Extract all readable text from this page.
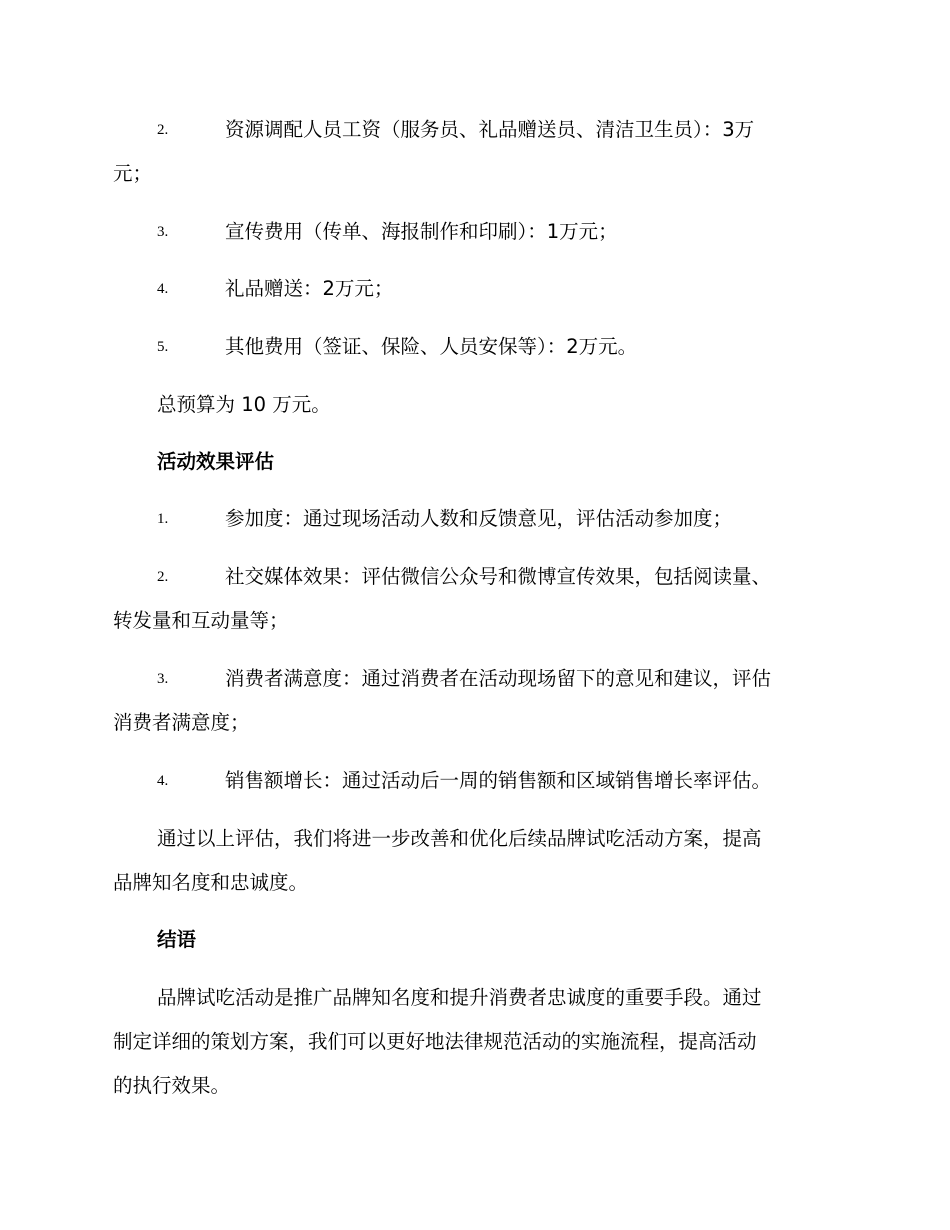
2.	资源调配人员工资（服务员、礼品赠送员、清洁卫生员）：3万
元；
3.	宣传费用（传单、海报制作和印刷）：1万元；
4.	礼品赠送：2万元；
5.	其他费用（签证、保险、人员安保等）：2万元。
总预算为 10 万元。
活动效果评估
1.	参加度：通过现场活动人数和反馈意见，评估活动参加度；
2.	社交媒体效果：评估微信公众号和微博宣传效果，包括阅读量、
转发量和互动量等；
3.	消费者满意度：通过消费者在活动现场留下的意见和建议，评估
消费者满意度；
4.	销售额增长：通过活动后一周的销售额和区域销售增长率评估。
通过以上评估，我们将进一步改善和优化后续品牌试吃活动方案，提高
品牌知名度和忠诚度。
结语
品牌试吃活动是推广品牌知名度和提升消费者忠诚度的重要手段。通过
制定详细的策划方案，我们可以更好地法律规范活动的实施流程，提高活动
的执行效果。
